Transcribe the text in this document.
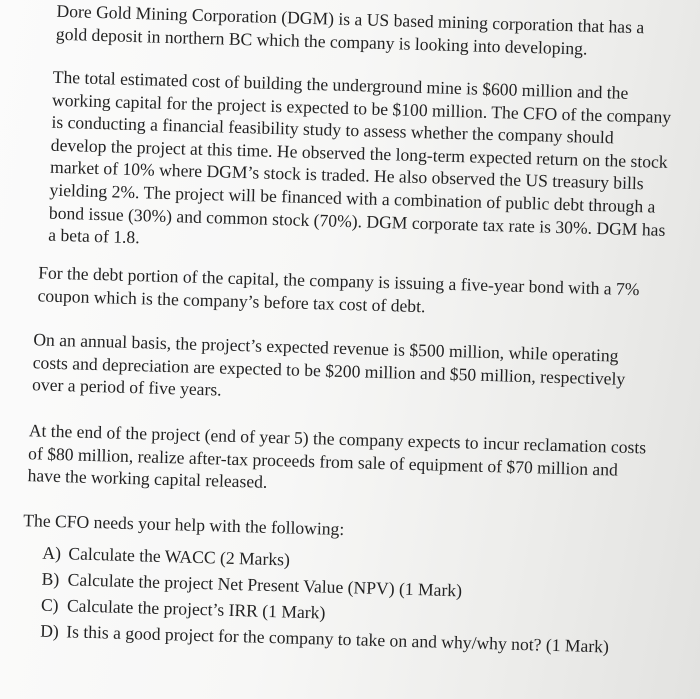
Dore Gold Mining Corporation (DGM) is a US based mining corporation that has a gold deposit in northern BC which the company is looking into developing.

The total estimated cost of building the underground mine is $600 million and the working capital for the project is expected to be $100 million. The CFO of the company is conducting a financial feasibility study to assess whether the company should develop the project at this time. He observed the long-term expected return on the stock market of 10% where DGM’s stock is traded. He also observed the US treasury bills yielding 2%. The project will be financed with a combination of public debt through a bond issue (30%) and common stock (70%). DGM corporate tax rate is 30%. DGM has a beta of 1.8.

For the debt portion of the capital, the company is issuing a five-year bond with a 7% coupon which is the company’s before tax cost of debt.

On an annual basis, the project’s expected revenue is $500 million, while operating costs and depreciation are expected to be $200 million and $50 million, respectively over a period of five years.

At the end of the project (end of year 5) the company expects to incur reclamation costs of $80 million, realize after-tax proceeds from sale of equipment of $70 million and have the working capital released.

The CFO needs your help with the following:

A) Calculate the WACC (2 Marks)
B) Calculate the project Net Present Value (NPV) (1 Mark)
C) Calculate the project’s IRR (1 Mark)
D) Is this a good project for the company to take on and why/why not? (1 Mark)
